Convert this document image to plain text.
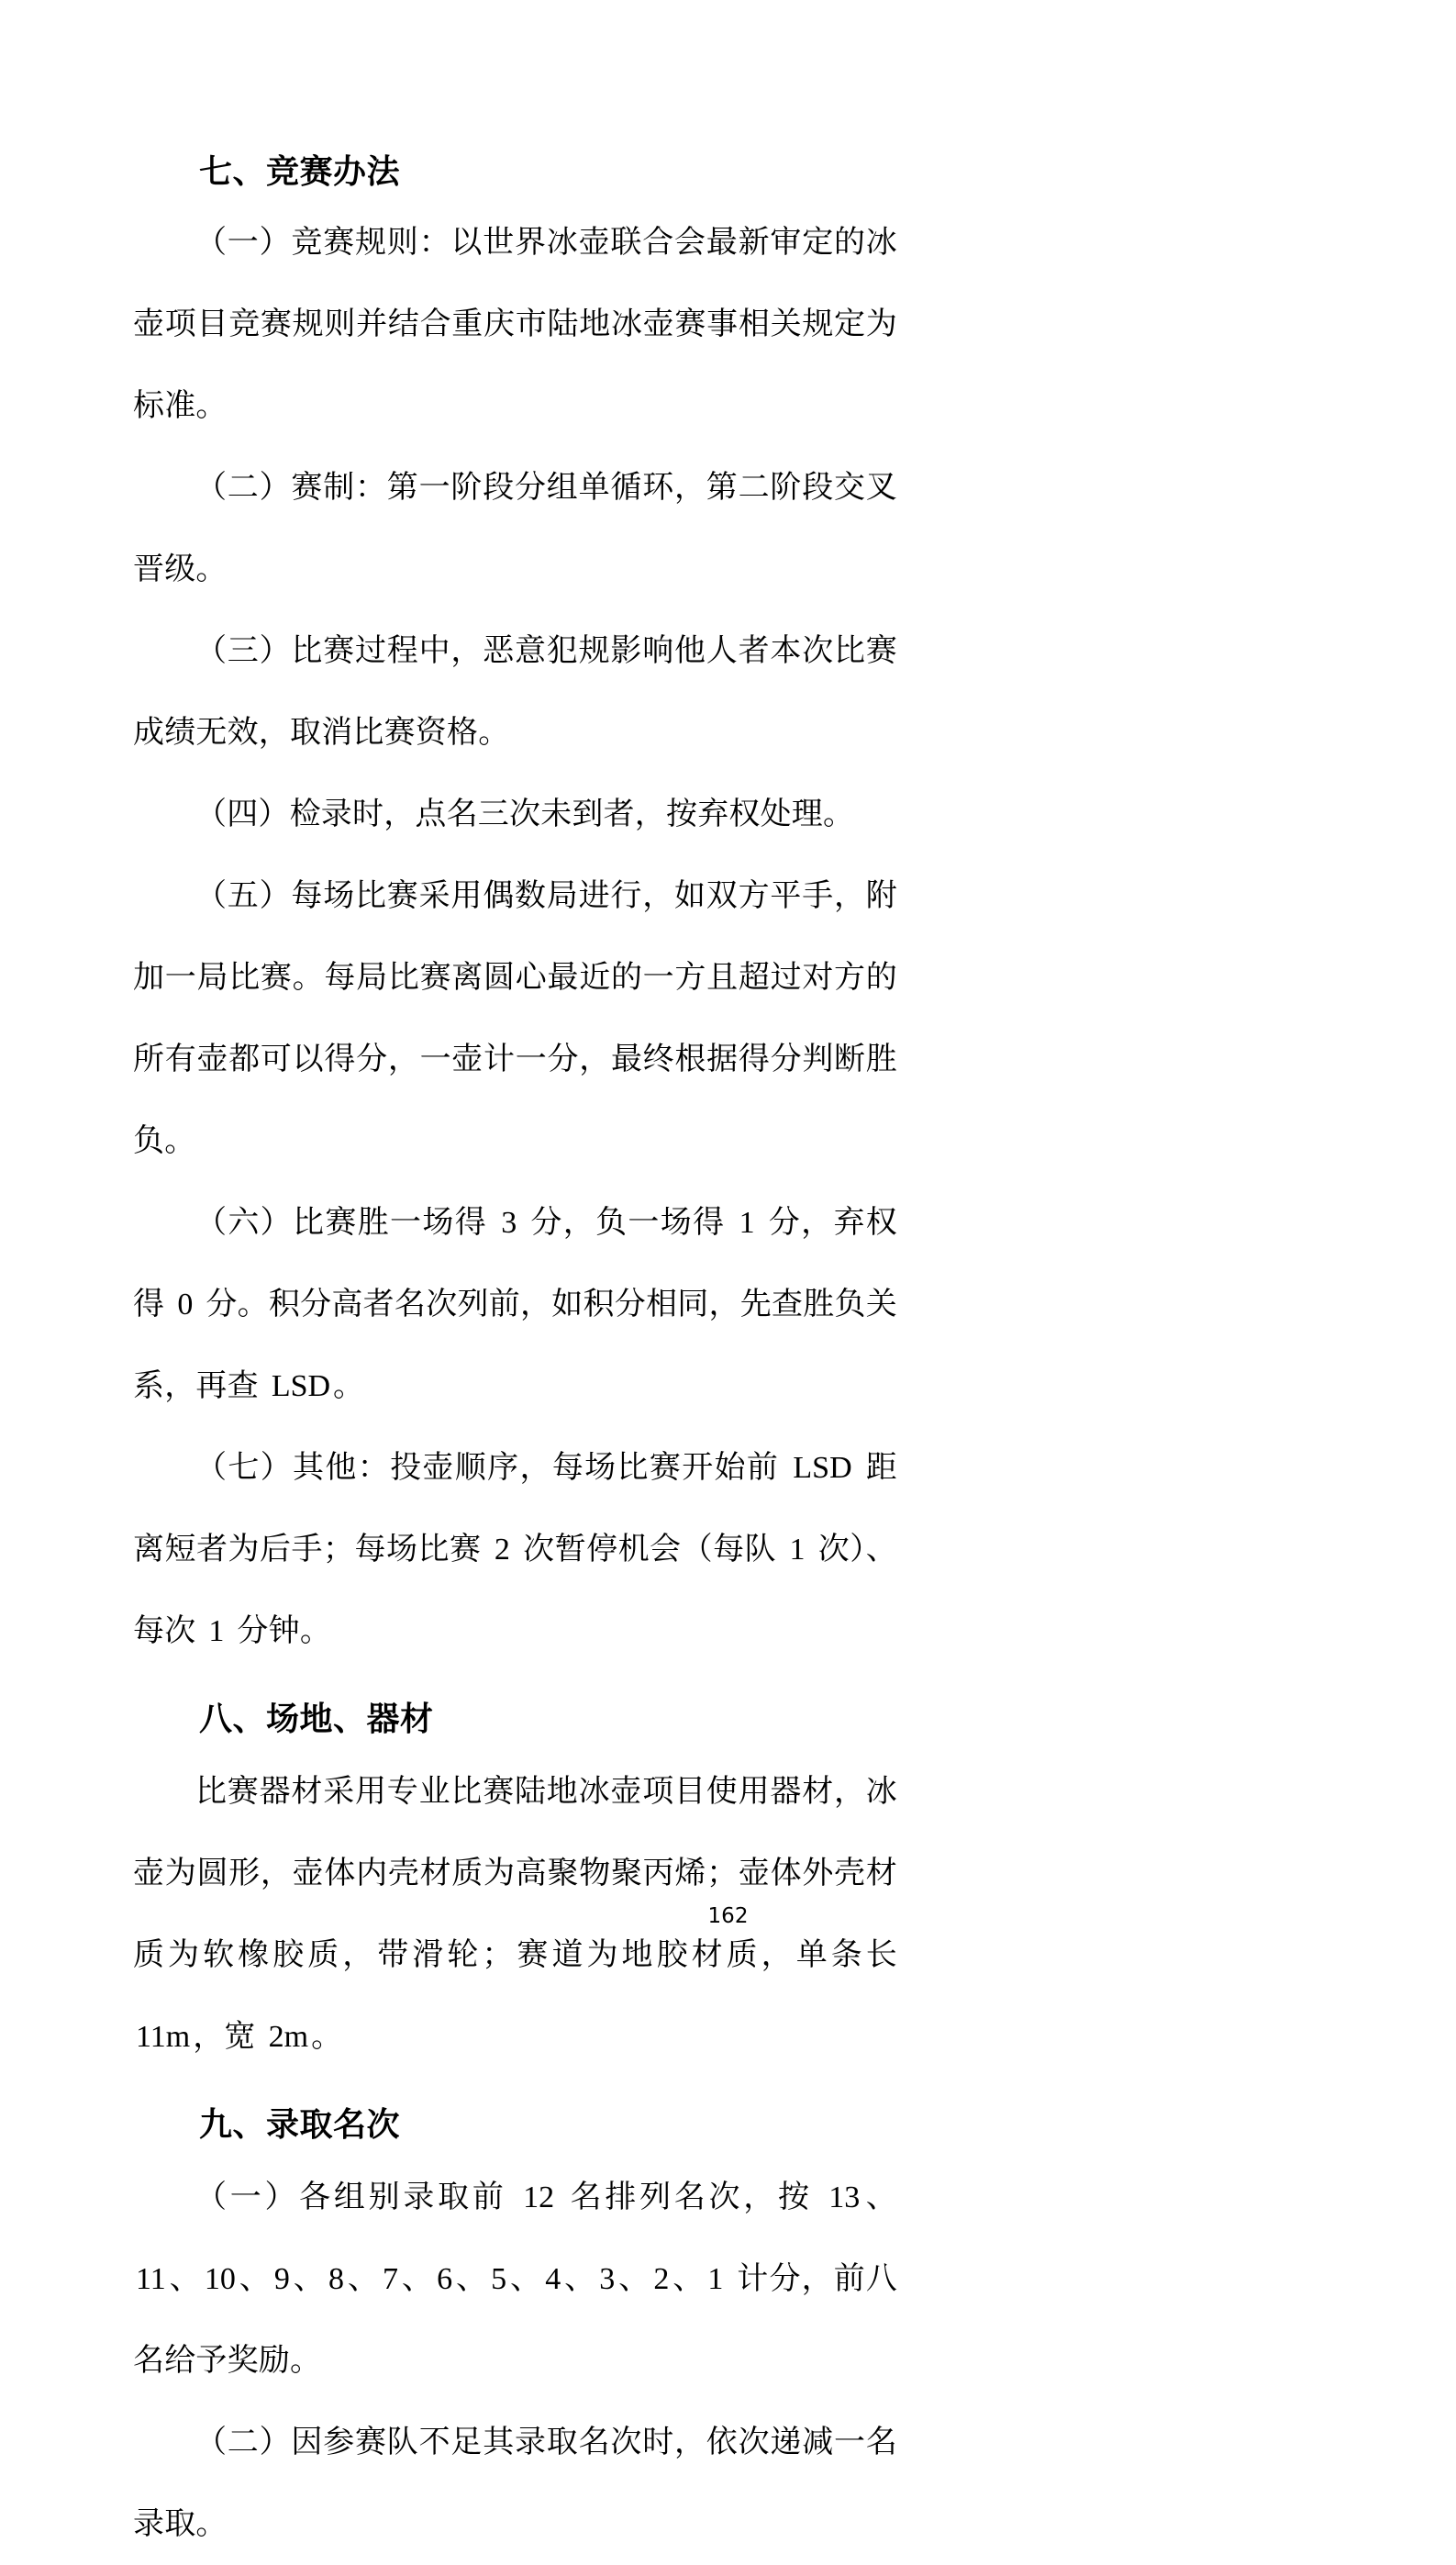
七、竞赛办法

（一）竞赛规则：以世界冰壶联合会最新审定的冰壶项目竞赛规则并结合重庆市陆地冰壶赛事相关规定为标准。

（二）赛制：第一阶段分组单循环，第二阶段交叉晋级。

（三）比赛过程中，恶意犯规影响他人者本次比赛成绩无效，取消比赛资格。

（四）检录时，点名三次未到者，按弃权处理。

（五）每场比赛采用偶数局进行，如双方平手，附加一局比赛。每局比赛离圆心最近的一方且超过对方的所有壶都可以得分，一壶计一分，最终根据得分判断胜负。

（六）比赛胜一场得 3 分，负一场得 1 分，弃权得 0 分。积分高者名次列前，如积分相同，先查胜负关系，再查 LSD。

（七）其他：投壶顺序，每场比赛开始前 LSD 距离短者为后手；每场比赛 2 次暂停机会（每队 1 次）、每次 1 分钟。

八、场地、器材

比赛器材采用专业比赛陆地冰壶项目使用器材，冰壶为圆形，壶体内壳材质为高聚物聚丙烯；壶体外壳材质为软橡胶质，带滑轮；赛道为地胶材质，单条长 11m，宽 2m。

九、录取名次

（一）各组别录取前 12 名排列名次，按 13、11、10、9、8、7、6、5、4、3、2、1 计分，前八名给予奖励。

（二）因参赛队不足其录取名次时，依次递减一名录取。

162
